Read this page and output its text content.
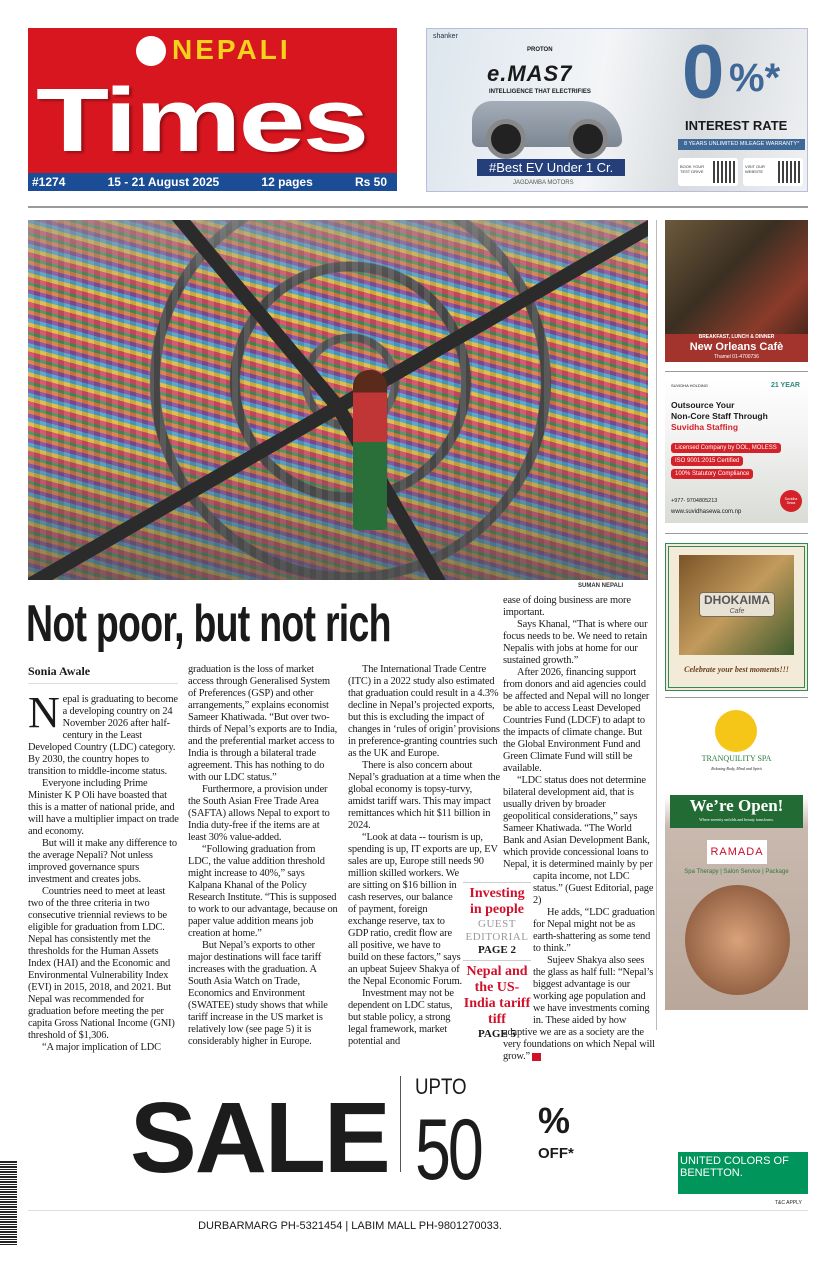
Times
NEPALI
#1274	15 - 21 August 2025	12 pages	Rs 50
shanker
PROTON
e.MAS7
INTELLIGENCE THAT ELECTRIFIES
#Best EV Under 1 Cr.
JAGDAMBA MOTORS
0 %*
INTEREST RATE
8 YEARS UNLIMITED MILEAGE WARRANTY*
BOOK YOUR TEST DRIVE
VISIT OUR WEBSITE
SUMAN NEPALI
Not poor, but not rich
Sonia Awale

Nepal is graduating to become a developing country on 24 November 2026 after half-century in the Least Developed Country (LDC) category. By 2030, the country hopes to transition to middle-income status.

Everyone including Prime Minister K P Oli have boasted that this is a matter of national pride, and will have a multiplier impact on trade and economy.

But will it make any difference to the average Nepali? Not unless improved governance spurs investment and creates jobs.

Countries need to meet at least two of the three criteria in two consecutive triennial reviews to be eligible for graduation from LDC. Nepal has consistently met the thresholds for the Human Assets Index (HAI) and the Economic and Environmental Vulnerability Index (EVI) in 2015, 2018, and 2021. But Nepal was recommended for graduation before meeting the per capita Gross National Income (GNI) threshold of $1,306.

“A major implication of LDC

graduation is the loss of market access through Generalised System of Preferences (GSP) and other arrangements,” explains economist Sameer Khatiwada. “But over two-thirds of Nepal’s exports are to India, and the preferential market access to India is through a bilateral trade agreement. This has nothing to do with our LDC status.”

Furthermore, a provision under the South Asian Free Trade Area (SAFTA) allows Nepal to export to India duty-free if the items are at least 30% value-added.

“Following graduation from LDC, the value addition threshold might increase to 40%,” says Kalpana Khanal of the Policy Research Institute. “This is supposed to work to our advantage, because on paper value addition means job creation at home.”

But Nepal’s exports to other major destinations will face tariff increases with the graduation. A South Asia Watch on Trade, Economics and Environment (SWATEE) study shows that while tariff increase in the US market is relatively low (see page 5) it is considerably higher in Europe.

The International Trade Centre (ITC) in a 2022 study also estimated that graduation could result in a 4.3% decline in Nepal’s projected exports, but this is excluding the impact of changes in ‘rules of origin’ provisions in preference-granting countries such as the UK and Europe.

There is also concern about Nepal’s graduation at a time when the global economy is topsy-turvy, amidst tariff wars. This may impact remittances which hit $11 billion in 2024.

“Look at data -- tourism is up, spending is up, IT exports are up, EV sales are up, Europe still needs 90 million skilled workers. We are sitting on $16 billion in cash reserves, our balance of payment, foreign exchange reserve, tax to GDP ratio, credit flow are all positive, we have to build on these factors,” says an upbeat Sujeev Shakya of the Nepal Economic Forum.

Investment may not be dependent on LDC status, but stable policy, a strong legal framework, market potential and

ease of doing business are more important.

Says Khanal, “That is where our focus needs to be. We need to retain Nepalis with jobs at home for our sustained growth.”

After 2026, financing support from donors and aid agencies could be affected and Nepal will no longer be able to access Least Developed Countries Fund (LDCF) to adapt to the impacts of climate change. But the Global Environment Fund and Green Climate Fund will still be available.

“LDC status does not determine bilateral development aid, that is usually driven by broader geopolitical considerations,” says Sameer Khatiwada. “The World Bank and Asian Development Bank, which provide concessional loans to Nepal, it is determined mainly by per capita income, not LDC status.” (Guest Editorial, page 2)

He adds, “LDC graduation for Nepal might not be as earth-shattering as some tend to think.”

Sujeev Shakya also sees the glass as half full: “Nepal’s biggest advantage is our working age population and we have investments coming in. These aided by how adaptive we are as a society are the very foundations on which Nepal will grow.”

Investing in people
GUEST EDITORIAL
PAGE 2
Nepal and the US-India tariff tiff
PAGE 5
BREAKFAST, LUNCH & DINNER
New Orleans Cafè
Thamel 01-4700736
SUVIDHA HOLDING	21 YEAR
Outsource Your
Non-Core Staff Through
Suvidha Staffing
Licensed Company by DOL, MOLESS
ISO 9001:2015 Certified
100% Statutory Compliance
+977- 9704805213
www.suvidhasewa.com.np
Suvidha Sewa
DHOKAIMA
Cafe
Celebrate your best moments!!!
TRANQUILITY SPA
Relaxing Body, Mind and Spirit
We’re Open!
Where serenity unfolds and beauty transforms.
RAMADA
Spa Therapy | Salon Service | Package
SALE UPTO
50 %
OFF*	UNITED COLORS OF BENETTON.
T&C APPLY
DURBARMARG PH-5321454 | LABIM MALL PH-9801270033.
